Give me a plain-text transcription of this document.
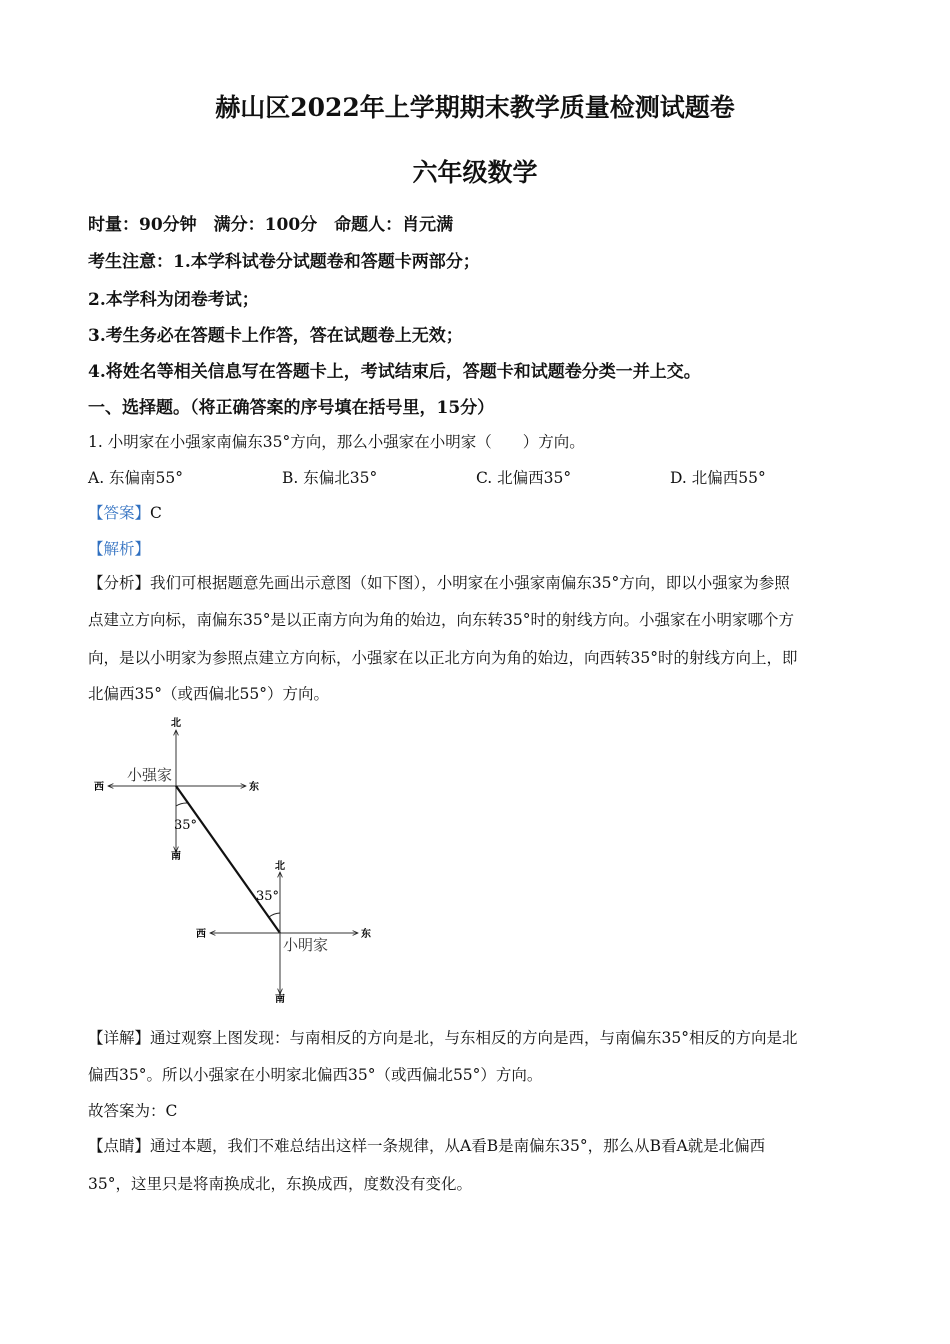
赫山区2022年上学期期末教学质量检测试题卷
六年级数学
时量：90分钟　满分：100分　命题人：肖元满
考生注意：1.本学科试卷分试题卷和答题卡两部分；
2.本学科为闭卷考试；
3.考生务必在答题卡上作答，答在试题卷上无效；
4.将姓名等相关信息写在答题卡上，考试结束后，答题卡和试题卷分类一并上交。
一、选择题。（将正确答案的序号填在括号里，15分）
1. 小明家在小强家南偏东35°方向，那么小强家在小明家（　　）方向。
A. 东偏南55°	B. 东偏北35°	C. 北偏西35°	D. 北偏西55°
【答案】C
【解析】
【分析】我们可根据题意先画出示意图（如下图），小明家在小强家南偏东35°方向，即以小强家为参照
点建立方向标，南偏东35°是以正南方向为角的始边，向东转35°时的射线方向。小强家在小明家哪个方
向，是以小明家为参照点建立方向标，小强家在以正北方向为角的始边，向西转35°时的射线方向上，即
北偏西35°（或西偏北55°）方向。
北
南
西	东
小强家
35°
北
南
西	东
小明家
35°
【详解】通过观察上图发现：与南相反的方向是北，与东相反的方向是西，与南偏东35°相反的方向是北
偏西35°。所以小强家在小明家北偏西35°（或西偏北55°）方向。
故答案为：C
【点睛】通过本题，我们不难总结出这样一条规律，从A看B是南偏东35°，那么从B看A就是北偏西
35°，这里只是将南换成北，东换成西，度数没有变化。
